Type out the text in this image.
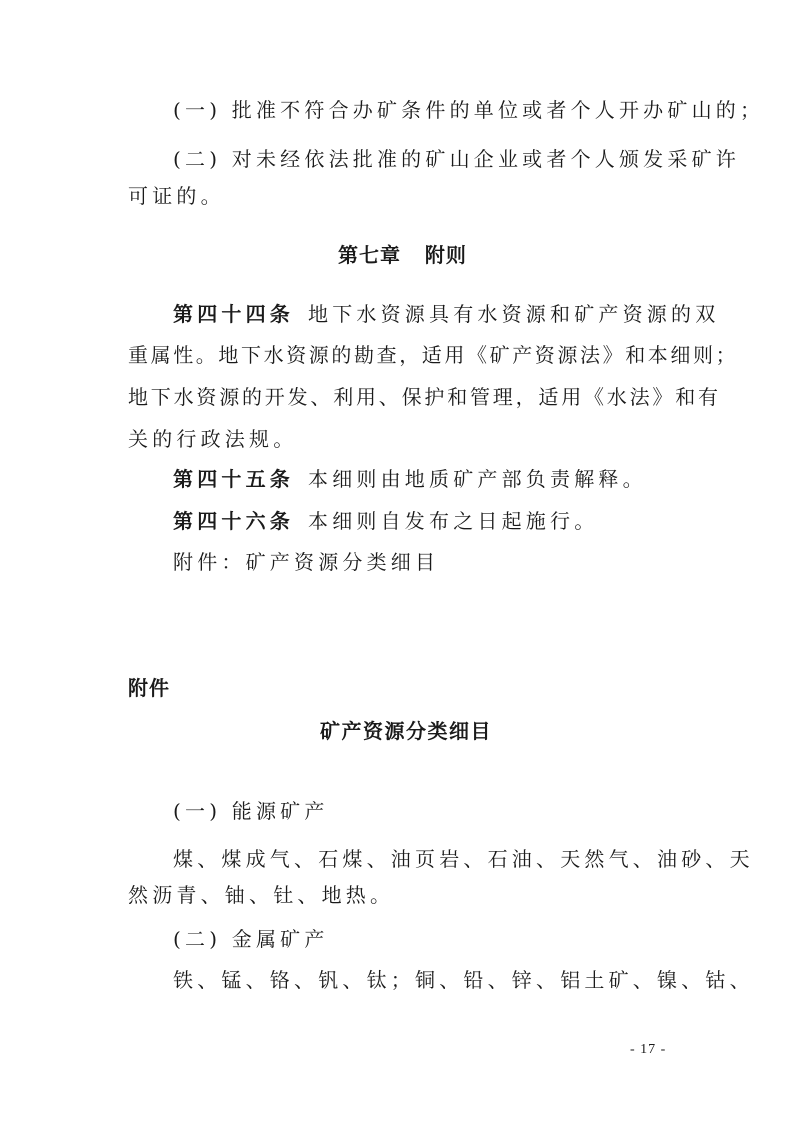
(一) 批准不符合办矿条件的单位或者个人开办矿山的；
(二) 对未经依法批准的矿山企业或者个人颁发采矿许
可证的。
第七章   附则
第四十四条 地下水资源具有水资源和矿产资源的双
重属性。地下水资源的勘查，适用《矿产资源法》和本细则；
地下水资源的开发、利用、保护和管理，适用《水法》和有
关的行政法规。
第四十五条 本细则由地质矿产部负责解释。
第四十六条 本细则自发布之日起施行。
附件：矿产资源分类细目
附件
矿产资源分类细目
(一) 能源矿产
煤、煤成气、石煤、油页岩、石油、天然气、油砂、天
然沥青、铀、钍、地热。
(二) 金属矿产
铁、锰、铬、钒、钛；铜、铅、锌、铝土矿、镍、钴、
- 17 -
